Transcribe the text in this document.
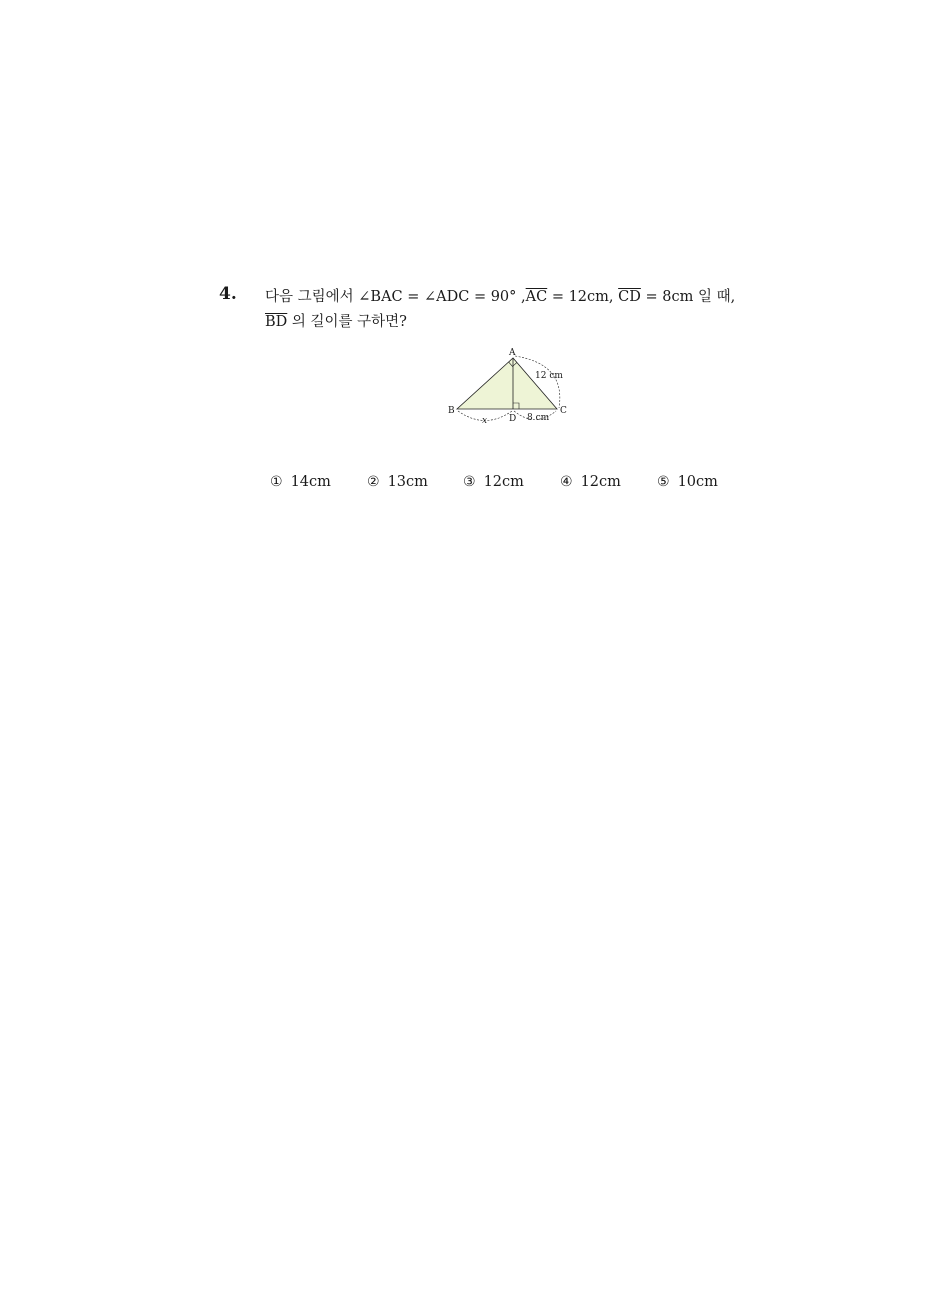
4. 다음 그림에서 ∠BAC = ∠ADC = 90° $,\overline{AC} = 12cm$, $\overline{CD} = 8cm$ 일 때,
$\overline{BD}$ 의 길이를 구하면?
A
B	C
D
12 cm
8 cm
x
① 14cm	② 13cm	③ 12cm	④ 12cm	⑤ 10cm
